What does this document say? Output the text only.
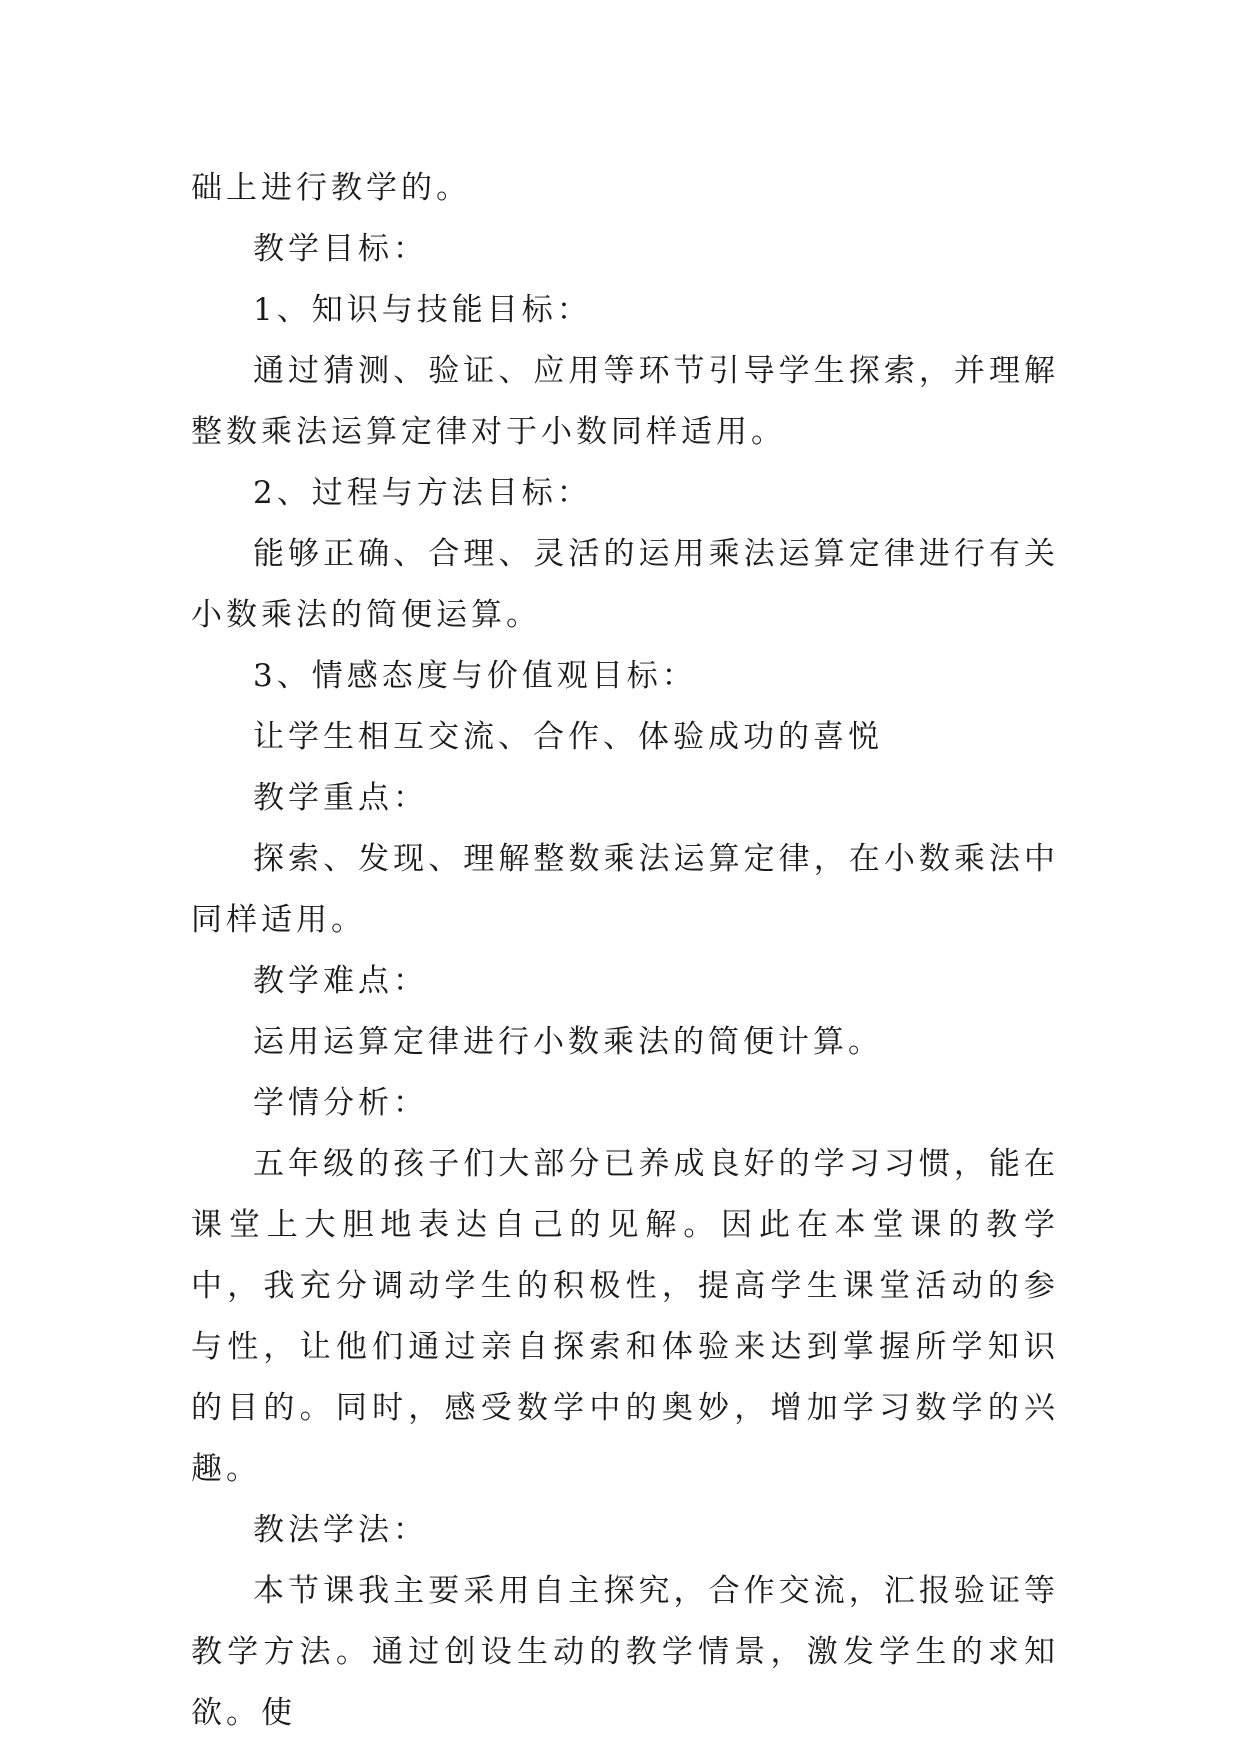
础上进行教学的。

教学目标：

1、知识与技能目标：

通过猜测、验证、应用等环节引导学生探索，并理解整数乘法运算定律对于小数同样适用。

2、过程与方法目标：

能够正确、合理、灵活的运用乘法运算定律进行有关小数乘法的简便运算。

3、情感态度与价值观目标：

让学生相互交流、合作、体验成功的喜悦

教学重点：

探索、发现、理解整数乘法运算定律，在小数乘法中同样适用。

教学难点：

运用运算定律进行小数乘法的简便计算。

学情分析：

五年级的孩子们大部分已养成良好的学习习惯，能在课堂上大胆地表达自己的见解。因此在本堂课的教学中，我充分调动学生的积极性，提高学生课堂活动的参与性，让他们通过亲自探索和体验来达到掌握所学知识的目的。同时，感受数学中的奥妙，增加学习数学的兴趣。

教法学法：

本节课我主要采用自主探究，合作交流，汇报验证等教学方法。通过创设生动的教学情景，激发学生的求知欲。使
